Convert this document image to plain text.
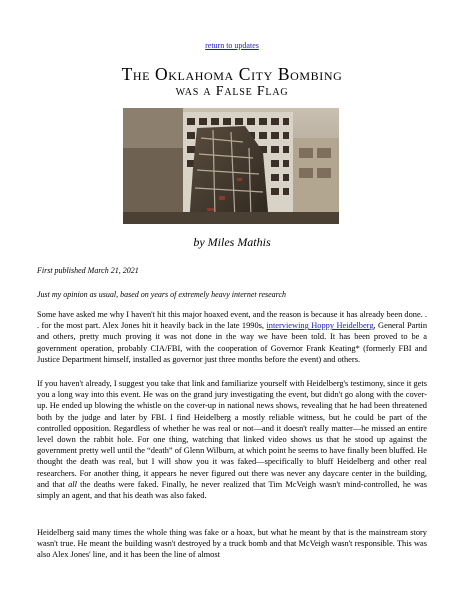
return to updates
The Oklahoma City Bombing
was a False Flag
by Miles Mathis
First published March 21, 2021
Just my opinion as usual, based on years of extremely heavy internet research

Some have asked me why I haven't hit this major hoaxed event, and the reason is because it has already been done. . . for the most part. Alex Jones hit it heavily back in the late 1990s, interviewing Hoppy Heidelberg, General Partin and others, pretty much proving it was not done in the way we have been told. It has been proved to be a government operation, probably CIA/FBI, with the cooperation of Governor Frank Keating* (formerly FBI and Justice Department himself, installed as governor just three months before the event) and others.

If you haven't already, I suggest you take that link and familiarize yourself with Heidelberg's testimony, since it gets you a long way into this event. He was on the grand jury investigating the event, but didn't go along with the cover-up. He ended up blowing the whistle on the cover-up in national news shows, revealing that he had been threatened both by the judge and later by FBI. I find Heidelberg a mostly reliable witness, but he could be part of the controlled opposition. Regardless of whether he was real or not—and it doesn't really matter—he missed an entire level down the rabbit hole. For one thing, watching that linked video shows us that he stood up against the government pretty well until the “death” of Glenn Wilburn, at which point he seems to have finally been bluffed. He thought the death was real, but I will show you it was faked—specifically to bluff Heidelberg and other real researchers. For another thing, it appears he never figured out there was never any daycare center in the building, and that all the deaths were faked. Finally, he never realized that Tim McVeigh wasn't mind-controlled, he was simply an agent, and that his death was also faked.

Heidelberg said many times the whole thing was fake or a hoax, but what he meant by that is the mainstream story wasn't true. He meant the building wasn't destroyed by a truck bomb and that McVeigh wasn't responsible. This was also Alex Jones' line, and it has been the line of almost
